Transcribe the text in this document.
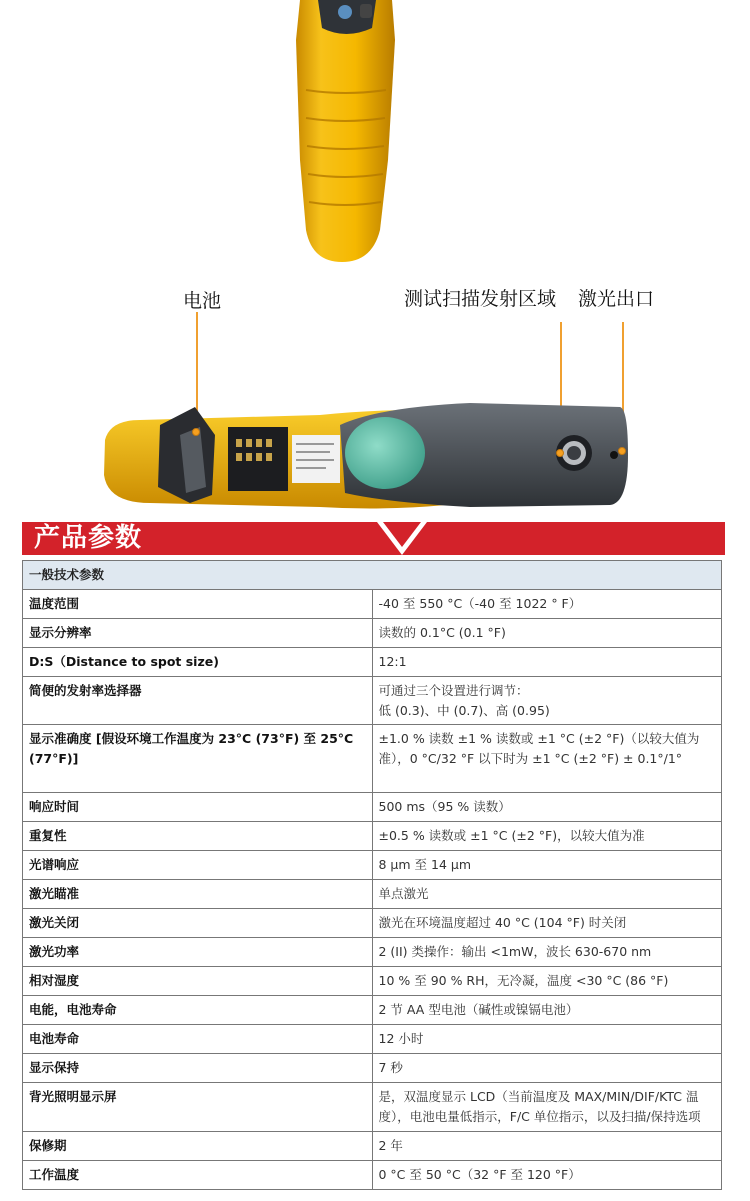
电池	测试扫描发射区域 激光出口
产品参数
一般技术参数	
温度范围	-40 至 550 °C（-40 至 1022 ° F）
显示分辨率	读数的 0.1°C (0.1 °F)
D:S（Distance to spot size)	12:1
简便的发射率选择器	可通过三个设置进行调节：
低 (0.3)、中 (0.7)、高 (0.95)

显示准确度 [假设环境工作温度为 23°C (73°F) 至 25°C (77°F)]	±1.0 % 读数 ±1 % 读数或 ±1 °C (±2 °F)（以较大值为准），0 °C/32 °F 以下时为 ±1 °C (±2 °F) ± 0.1°/1°
响应时间	500 ms（95 % 读数）
重复性	±0.5 % 读数或 ±1 °C (±2 °F)，以较大值为准
光谱响应	8 µm 至 14 µm
激光瞄准	单点激光
激光关闭	激光在环境温度超过 40 °C (104 °F) 时关闭
激光功率	2 (II) 类操作：输出 <1mW，波长 630-670 nm
相对湿度	10 % 至 90 % RH，无冷凝，温度 <30 °C (86 °F)
电能，电池寿命	2 节 AA 型电池（碱性或镍镉电池）
电池寿命	12 小时
显示保持	7 秒
背光照明显示屏	是，双温度显示 LCD（当前温度及 MAX/MIN/DIF/KTC 温度），电池电量低指示，F/C 单位指示，以及扫描/保持选项
保修期	2 年
工作温度	0 °C 至 50 °C（32 °F 至 120 °F）
